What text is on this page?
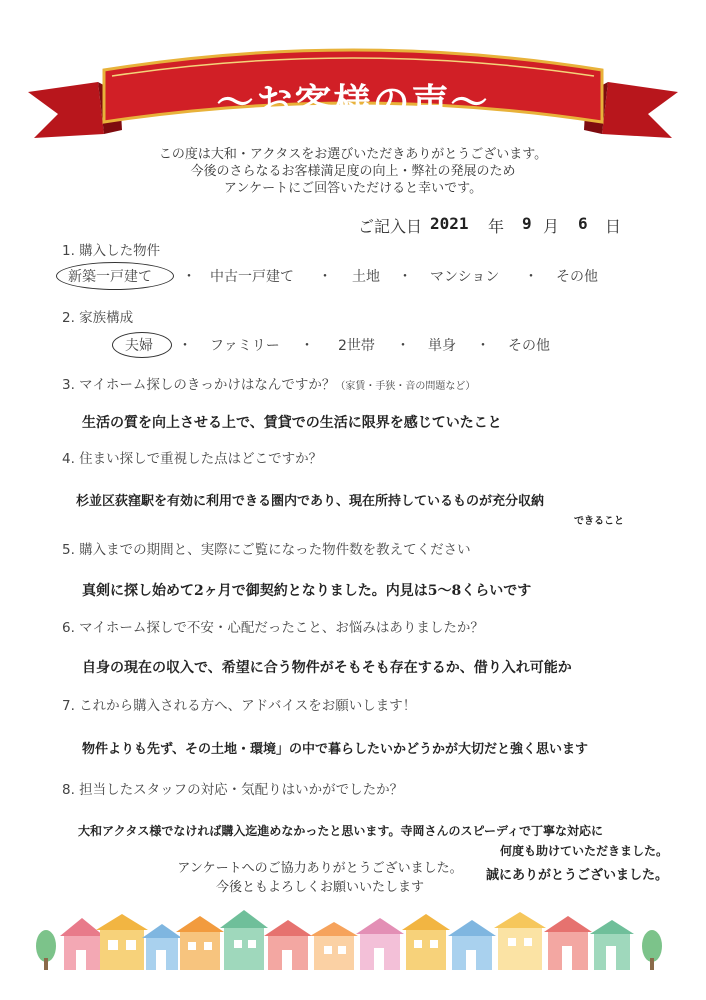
〜お客様の声〜
この度は大和・アクタスをお選びいただきありがとうございます。
今後のさらなるお客様満足度の向上・弊社の発展のため
アンケートにご回答いただけると幸いです。
ご記入日 2021 年 9 月 6 日
1. 購入した物件
新築一戸建て ・ 中古一戸建て ・ 土地 ・ マンション ・ その他
2. 家族構成
夫婦 ・ ファミリー ・ 2世帯 ・ 単身 ・ その他
3. マイホーム探しのきっかけはなんですか？（家賃・手狭・音の問題など）
生活の質を向上させる上で、賃貸での生活に限界を感じていたこと
4. 住まい探しで重視した点はどこですか？
杉並区荻窪駅を有効に利用できる圏内であり、現在所持しているものが充分収納
できること
5. 購入までの期間と、実際にご覧になった物件数を教えてください
真剣に探し始めて2ヶ月で御契約となりました。内見は5〜8くらいです
6. マイホーム探しで不安・心配だったこと、お悩みはありましたか？
自身の現在の収入で、希望に合う物件がそもそも存在するか、借り入れ可能か
7. これから購入される方へ、アドバイスをお願いします！
物件よりも先ず、その土地・環境」の中で暮らしたいかどうかが大切だと強く思います
8. 担当したスタッフの対応・気配りはいかがでしたか？
大和アクタス様でなければ購入迄進めなかったと思います。寺岡さんのスピーディで丁寧な対応に
何度も助けていただきました。
誠にありがとうございました。
アンケートへのご協力ありがとうございました。
今後ともよろしくお願いいたします
